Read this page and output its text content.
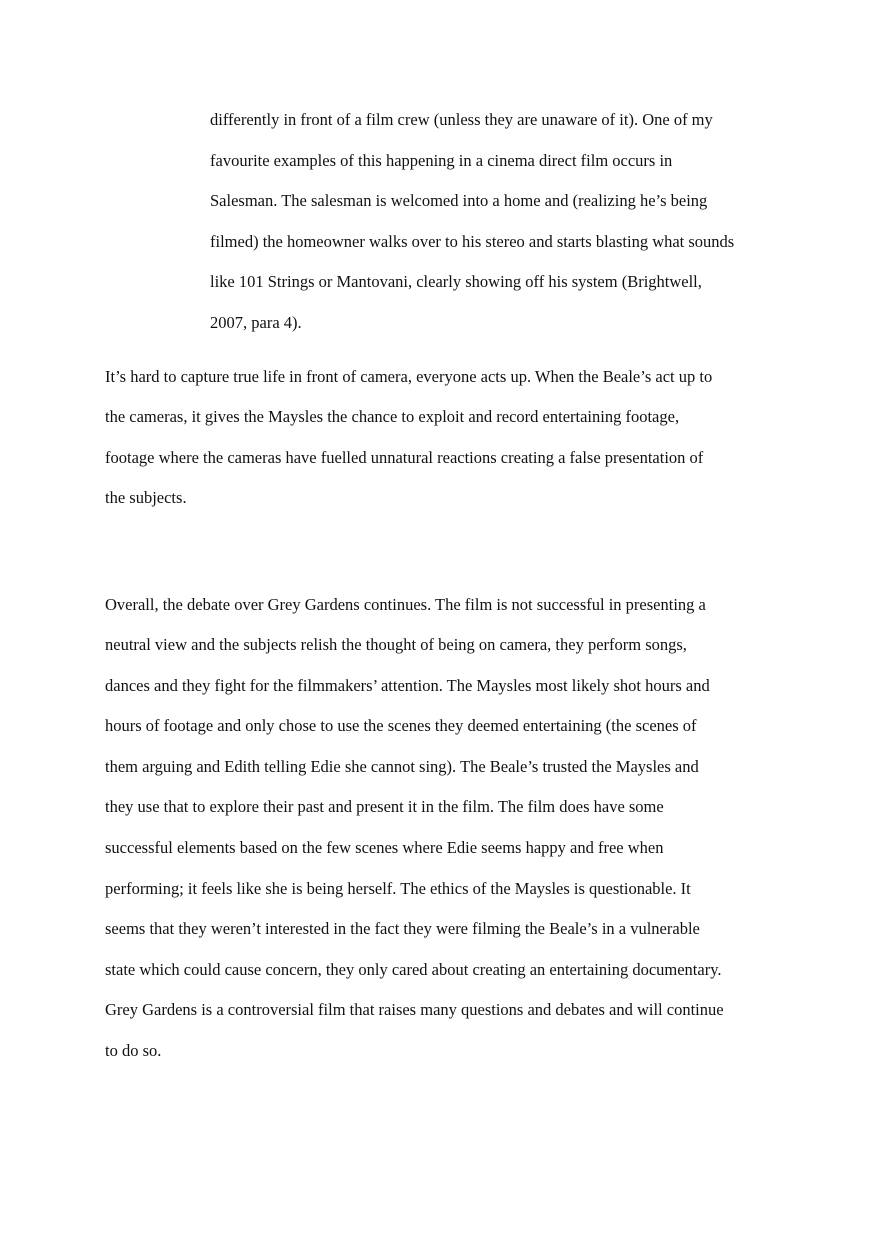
differently in front of a film crew (unless they are unaware of it). One of my
favourite examples of this happening in a cinema direct film occurs in
Salesman. The salesman is welcomed into a home and (realizing he’s being
filmed) the homeowner walks over to his stereo and starts blasting what sounds
like 101 Strings or Mantovani, clearly showing off his system (Brightwell,
2007, para 4).
It’s hard to capture true life in front of camera, everyone acts up. When the Beale’s act up to
the cameras, it gives the Maysles the chance to exploit and record entertaining footage,
footage where the cameras have fuelled unnatural reactions creating a false presentation of
the subjects.
Overall, the debate over Grey Gardens continues. The film is not successful in presenting a
neutral view and the subjects relish the thought of being on camera, they perform songs,
dances and they fight for the filmmakers’ attention. The Maysles most likely shot hours and
hours of footage and only chose to use the scenes they deemed entertaining (the scenes of
them arguing and Edith telling Edie she cannot sing). The Beale’s trusted the Maysles and
they use that to explore their past and present it in the film. The film does have some
successful elements based on the few scenes where Edie seems happy and free when
performing; it feels like she is being herself. The ethics of the Maysles is questionable. It
seems that they weren’t interested in the fact they were filming the Beale’s in a vulnerable
state which could cause concern, they only cared about creating an entertaining documentary.
Grey Gardens is a controversial film that raises many questions and debates and will continue
to do so.
